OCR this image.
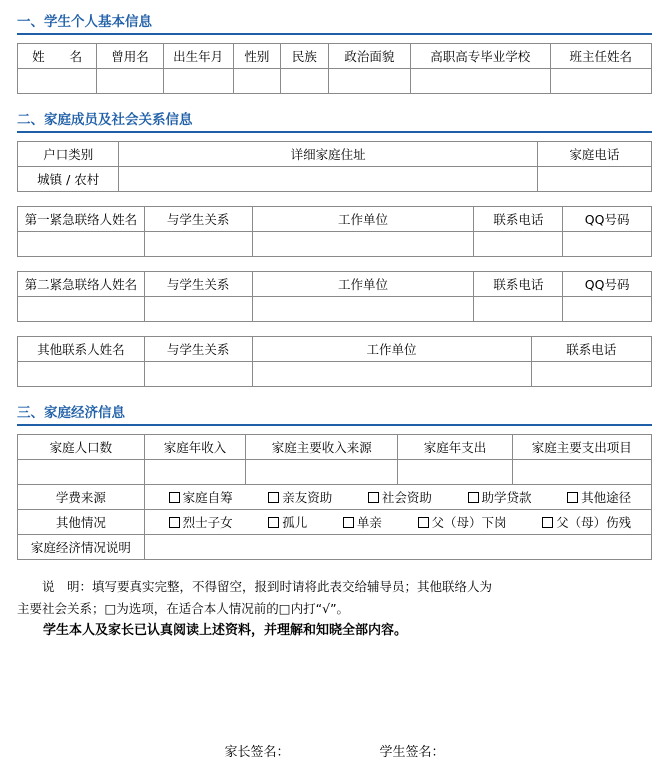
一、学生个人基本信息
姓　　名	曾用名	出生年月	性别	民族	政治面貌	高职高专毕业学校	班主任姓名

二、家庭成员及社会关系信息
户口类别	详细家庭住址	家庭电话
城镇 / 农村		
第一紧急联络人姓名	与学生关系	工作单位	联系电话	QQ号码

第二紧急联络人姓名	与学生关系	工作单位	联系电话	QQ号码

其他联系人姓名	与学生关系	工作单位	联系电话

三、家庭经济信息
家庭人口数	家庭年收入	家庭主要收入来源	家庭年支出	家庭主要支出项目

学费来源	家庭自筹 亲友资助 社会资助 助学贷款 其他途径			

其他情况	烈士子女 孤儿 单亲 父（母）下岗 父（母）伤残			

家庭经济情况说明				

说　明：填写要真实完整，不得留空，报到时请将此表交给辅导员；其他联络人为

主要社会关系；□为选项，在适合本人情况前的□内打“√”。

学生本人及家长已认真阅读上述资料，并理解和知晓全部内容。

家长签名：	学生签名：
